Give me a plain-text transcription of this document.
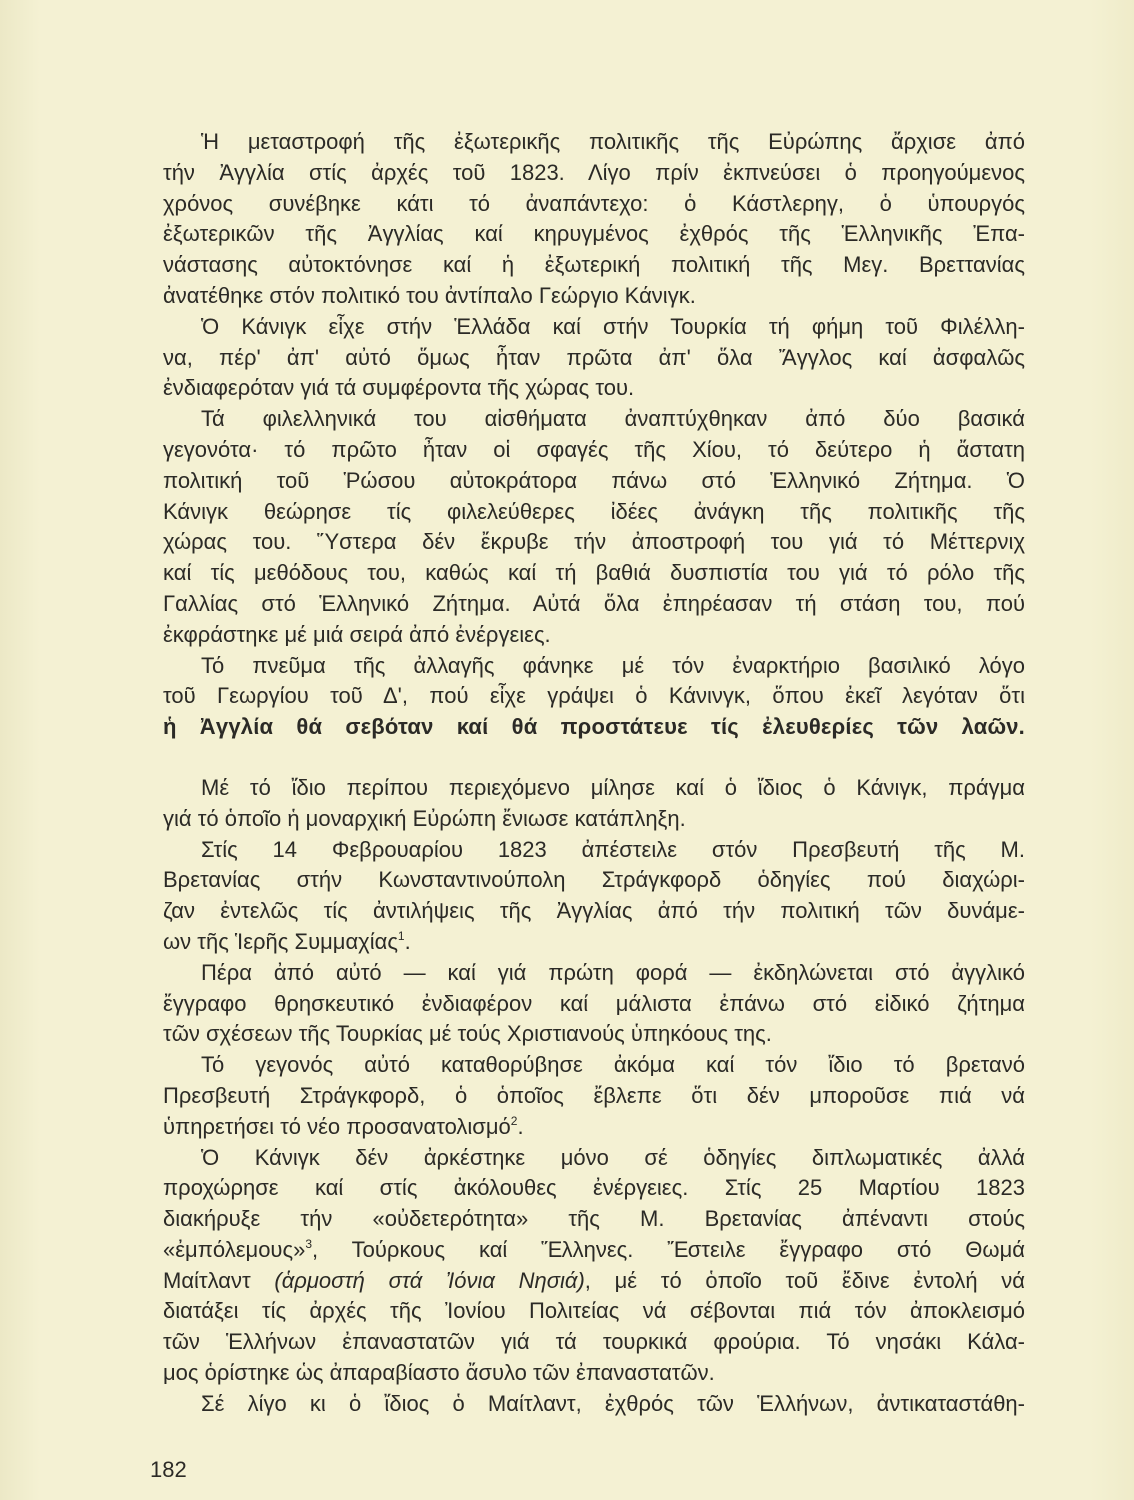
Ἡ μεταστροφή τῆς ἐξωτερικῆς πολιτικῆς τῆς Εὐρώπης ἄρχισε ἀπό
τήν Ἀγγλία στίς ἀρχές τοῦ 1823. Λίγο πρίν ἐκπνεύσει ὁ προηγούμενος
χρόνος συνέβηκε κάτι τό ἀναπάντεχο: ὁ Κάστλερηγ, ὁ ὑπουργός
ἐξωτερικῶν τῆς Ἀγγλίας καί κηρυγμένος ἐχθρός τῆς Ἑλληνικῆς Ἐπα-
νάστασης αὐτοκτόνησε καί ἡ ἐξωτερική πολιτική τῆς Μεγ. Βρεττανίας
ἀνατέθηκε στόν πολιτικό του ἀντίπαλο Γεώργιο Κάνιγκ.
Ὁ Κάνιγκ εἶχε στήν Ἑλλάδα καί στήν Τουρκία τή φήμη τοῦ Φιλέλλη-
να, πέρ' ἀπ' αὐτό ὅμως ἦταν πρῶτα ἀπ' ὅλα Ἄγγλος καί ἀσφαλῶς
ἐνδιαφερόταν γιά τά συμφέροντα τῆς χώρας του.
Τά φιλελληνικά του αἰσθήματα ἀναπτύχθηκαν ἀπό δύο βασικά
γεγονότα· τό πρῶτο ἦταν οἱ σφαγές τῆς Χίου, τό δεύτερο ἡ ἄστατη
πολιτική τοῦ Ῥώσου αὐτοκράτορα πάνω στό Ἑλληνικό Ζήτημα. Ὁ
Κάνιγκ θεώρησε τίς φιλελεύθερες ἰδέες ἀνάγκη τῆς πολιτικῆς τῆς
χώρας του. Ὕστερα δέν ἔκρυβε τήν ἀποστροφή του γιά τό Μέττερνιχ
καί τίς μεθόδους του, καθώς καί τή βαθιά δυσπιστία του γιά τό ρόλο τῆς
Γαλλίας στό Ἑλληνικό Ζήτημα. Αὐτά ὅλα ἐπηρέασαν τή στάση του, πού
ἐκφράστηκε μέ μιά σειρά ἀπό ἐνέργειες.
Τό πνεῦμα τῆς ἀλλαγῆς φάνηκε μέ τόν ἐναρκτήριο βασιλικό λόγο
τοῦ Γεωργίου τοῦ Δ', πού εἶχε γράψει ὁ Κάνινγκ, ὅπου ἐκεῖ λεγόταν ὅτι
ἡ Ἀγγλία θά σεβόταν καί θά προστάτευε τίς ἐλευθερίες τῶν λαῶν.
Μέ τό ἴδιο περίπου περιεχόμενο μίλησε καί ὁ ἴδιος ὁ Κάνιγκ, πράγμα
γιά τό ὁποῖο ἡ μοναρχική Εὐρώπη ἔνιωσε κατάπληξη.
Στίς 14 Φεβρουαρίου 1823 ἀπέστειλε στόν Πρεσβευτή τῆς Μ.
Βρετανίας στήν Κωνσταντινούπολη Στράγκφορδ ὁδηγίες πού διαχώρι-
ζαν ἐντελῶς τίς ἀντιλήψεις τῆς Ἀγγλίας ἀπό τήν πολιτική τῶν δυνάμε-
ων τῆς Ἱερῆς Συμμαχίας$^1$.
Πέρα ἀπό αὐτό — καί γιά πρώτη φορά — ἐκδηλώνεται στό ἀγγλικό
ἔγγραφο θρησκευτικό ἐνδιαφέρον καί μάλιστα ἐπάνω στό εἰδικό ζήτημα
τῶν σχέσεων τῆς Τουρκίας μέ τούς Χριστιανούς ὑπηκόους της.
Τό γεγονός αὐτό καταθορύβησε ἀκόμα καί τόν ἴδιο τό βρετανό
Πρεσβευτή Στράγκφορδ, ὁ ὁποῖος ἔβλεπε ὅτι δέν μποροῦσε πιά νά
ὑπηρετήσει τό νέο προσανατολισμό$^2$.
Ὁ Κάνιγκ δέν ἀρκέστηκε μόνο σέ ὁδηγίες διπλωματικές ἀλλά
προχώρησε καί στίς ἀκόλουθες ἐνέργειες. Στίς 25 Μαρτίου 1823
διακήρυξε τήν «οὐδετερότητα» τῆς Μ. Βρετανίας ἀπέναντι στούς
«ἐμπόλεμους»$^3$, Τούρκους καί Ἕλληνες. Ἔστειλε ἔγγραφο στό Θωμά
Μαίτλαντ (ἁρμοστή στά Ἰόνια Νησιά), μέ τό ὁποῖο τοῦ ἔδινε ἐντολή νά
διατάξει τίς ἀρχές τῆς Ἰονίου Πολιτείας νά σέβονται πιά τόν ἀποκλεισμό
τῶν Ἑλλήνων ἐπαναστατῶν γιά τά τουρκικά φρούρια. Τό νησάκι Κάλα-
μος ὁρίστηκε ὡς ἀπαραβίαστο ἄσυλο τῶν ἐπαναστατῶν.
Σέ λίγο κι ὁ ἴδιος ὁ Μαίτλαντ, ἐχθρός τῶν Ἑλλήνων, ἀντικαταστάθη-
182
